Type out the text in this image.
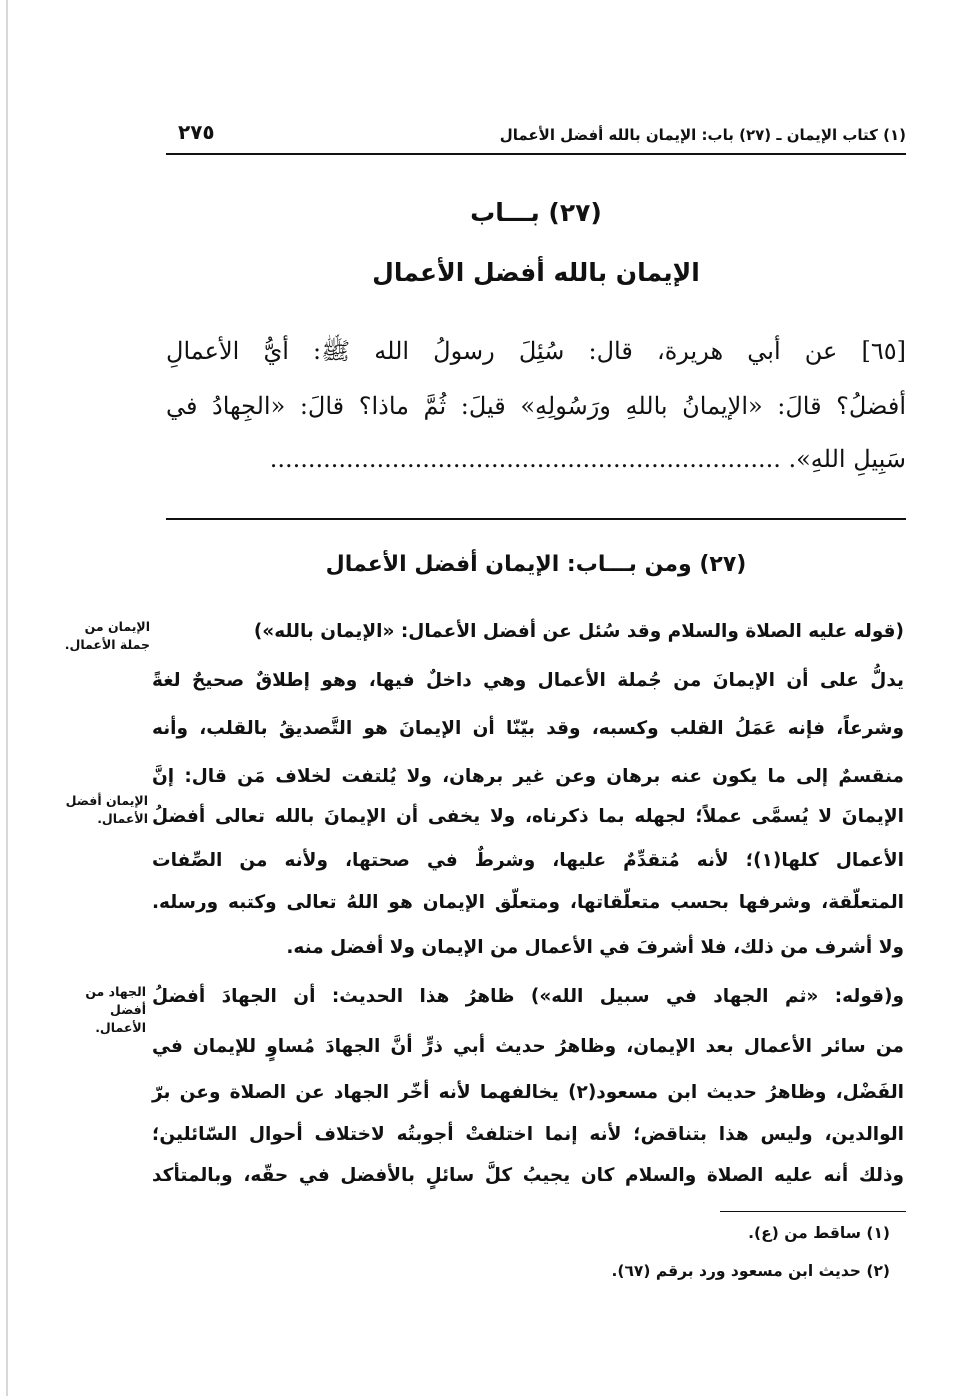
(١) كتاب الإيمان ـ (٢٧) باب: الإيمان بالله أفضل الأعمال
٢٧٥
(٢٧) بـــاب
الإيمان بالله أفضل الأعمال
[٦٥] عن أبي هريرة، قال: سُئِلَ رسولُ الله ﷺ: أيُّ الأعمالِ
أفضلُ؟ قالَ: «الإيمانُ باللهِ ورَسُولِهِ» قيلَ: ثُمَّ ماذا؟ قالَ: «الجِهادُ في
سَبِيلِ اللهِ». ...................................................................
(٢٧) ومن بـــاب: الإيمان أفضل الأعمال
(قوله عليه الصلاة والسلام وقد سُئل عن أفضل الأعمال: «الإيمان بالله»)
يدلُّ على أن الإيمانَ من جُملة الأعمال وهي داخلٌ فيها، وهو إطلاقٌ صحيحٌ لغةً
وشرعاً، فإنه عَمَلُ القلب وكسبه، وقد بيّنّا أن الإيمانَ هو التَّصديقُ بالقلب، وأنه
منقسمٌ إلى ما يكون عنه برهان وعن غير برهان، ولا يُلتفت لخلاف مَن قال: إنَّ
الإيمانَ لا يُسمَّى عملاً؛ لجهله بما ذكرناه، ولا يخفى أن الإيمانَ بالله تعالى أفضلُ
الأعمال كلها(١)؛ لأنه مُتقدِّمٌ عليها، وشرطٌ في صحتها، ولأنه من الصِّفات
المتعلّقة، وشرفها بحسب متعلّقاتها، ومتعلّق الإيمان هو اللهُ تعالى وكتبه ورسله.
ولا أشرف من ذلك، فلا أشرفَ في الأعمال من الإيمان ولا أفضل منه.
و(قوله: «ثم الجهاد في سبيل الله») ظاهرُ هذا الحديث: أن الجهادَ أفضلُ
من سائر الأعمال بعد الإيمان، وظاهرُ حديث أبي ذرٍّ أنَّ الجهادَ مُساوٍ للإيمان في
الفَضْل، وظاهرُ حديث ابن مسعود(٢) يخالفهما لأنه أخّر الجهاد عن الصلاة وعن برّ
الوالدين، وليس هذا بتناقض؛ لأنه إنما اختلفتْ أجوبتُه لاختلاف أحوال السّائلين؛
وذلك أنه عليه الصلاة والسلام كان يجيبُ كلَّ سائلٍ بالأفضل في حقّه، وبالمتأكد
الإيمان من
جملة الأعمال.
الإيمان أفضل
الأعمال.
الجهاد من
أفضل
الأعمال.
(١) ساقط من (ع).
(٢) حديث ابن مسعود ورد برقم (٦٧).
